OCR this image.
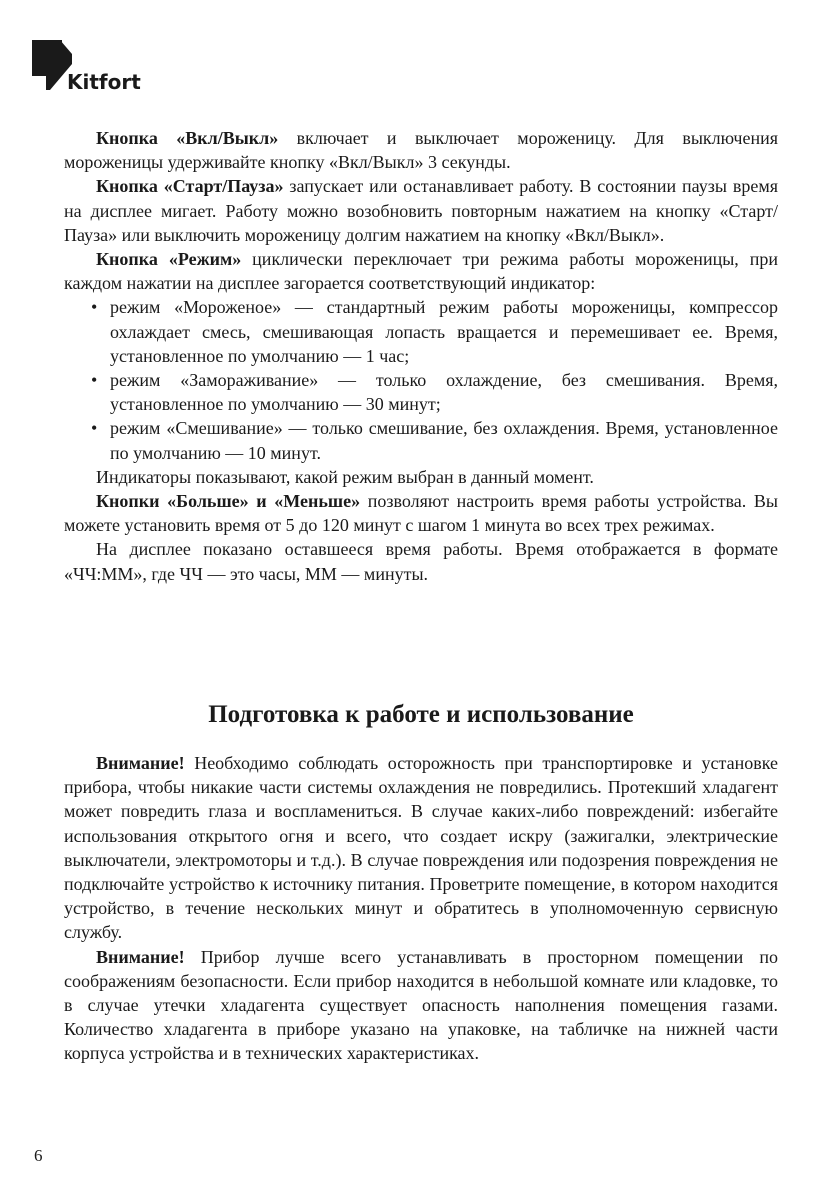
Kitfort

Кнопка «Вкл/Выкл» включает и выключает мороженицу. Для выключения мороженицы удерживайте кнопку «Вкл/Выкл» 3 секунды.

Кнопка «Старт/Пауза» запускает или останавливает работу. В состоянии паузы время на дисплее мигает. Работу можно возобновить повторным нажатием на кнопку «Старт/Пауза» или выключить мороженицу долгим нажатием на кнопку «Вкл/Выкл».

Кнопка «Режим» циклически переключает три режима работы мороженицы, при каждом нажатии на дисплее загорается соответствующий индикатор:

• режим «Мороженое» — стандартный режим работы мороженицы, компрессор охлаждает смесь, смешивающая лопасть вращается и перемешивает ее. Время, установленное по умолчанию — 1 час;
• режим «Замораживание» — только охлаждение, без смешивания. Время, установленное по умолчанию — 30 минут;
• режим «Смешивание» — только смешивание, без охлаждения. Время, установленное по умолчанию — 10 минут.

Индикаторы показывают, какой режим выбран в данный момент.

Кнопки «Больше» и «Меньше» позволяют настроить время работы устройства. Вы можете установить время от 5 до 120 минут с шагом 1 минута во всех трех режимах.

На дисплее показано оставшееся время работы. Время отображается в формате «ЧЧ:ММ», где ЧЧ — это часы, ММ — минуты.

Подготовка к работе и использование

Внимание! Необходимо соблюдать осторожность при транспортировке и установке прибора, чтобы никакие части системы охлаждения не повредились. Протекший хладагент может повредить глаза и воспламениться. В случае каких-либо повреждений: избегайте использования открытого огня и всего, что создает искру (зажигалки, электрические выключатели, электромоторы и т.д.). В случае повреждения или подозрения повреждения не подключайте устройство к источнику питания. Проветрите помещение, в котором находится устройство, в течение нескольких минут и обратитесь в уполномоченную сервисную службу.

Внимание! Прибор лучше всего устанавливать в просторном помещении по соображениям безопасности. Если прибор находится в небольшой комнате или кладовке, то в случае утечки хладагента существует опасность наполнения помещения газами. Количество хладагента в приборе указано на упаковке, на табличке на нижней части корпуса устройства и в технических характеристиках.

6
